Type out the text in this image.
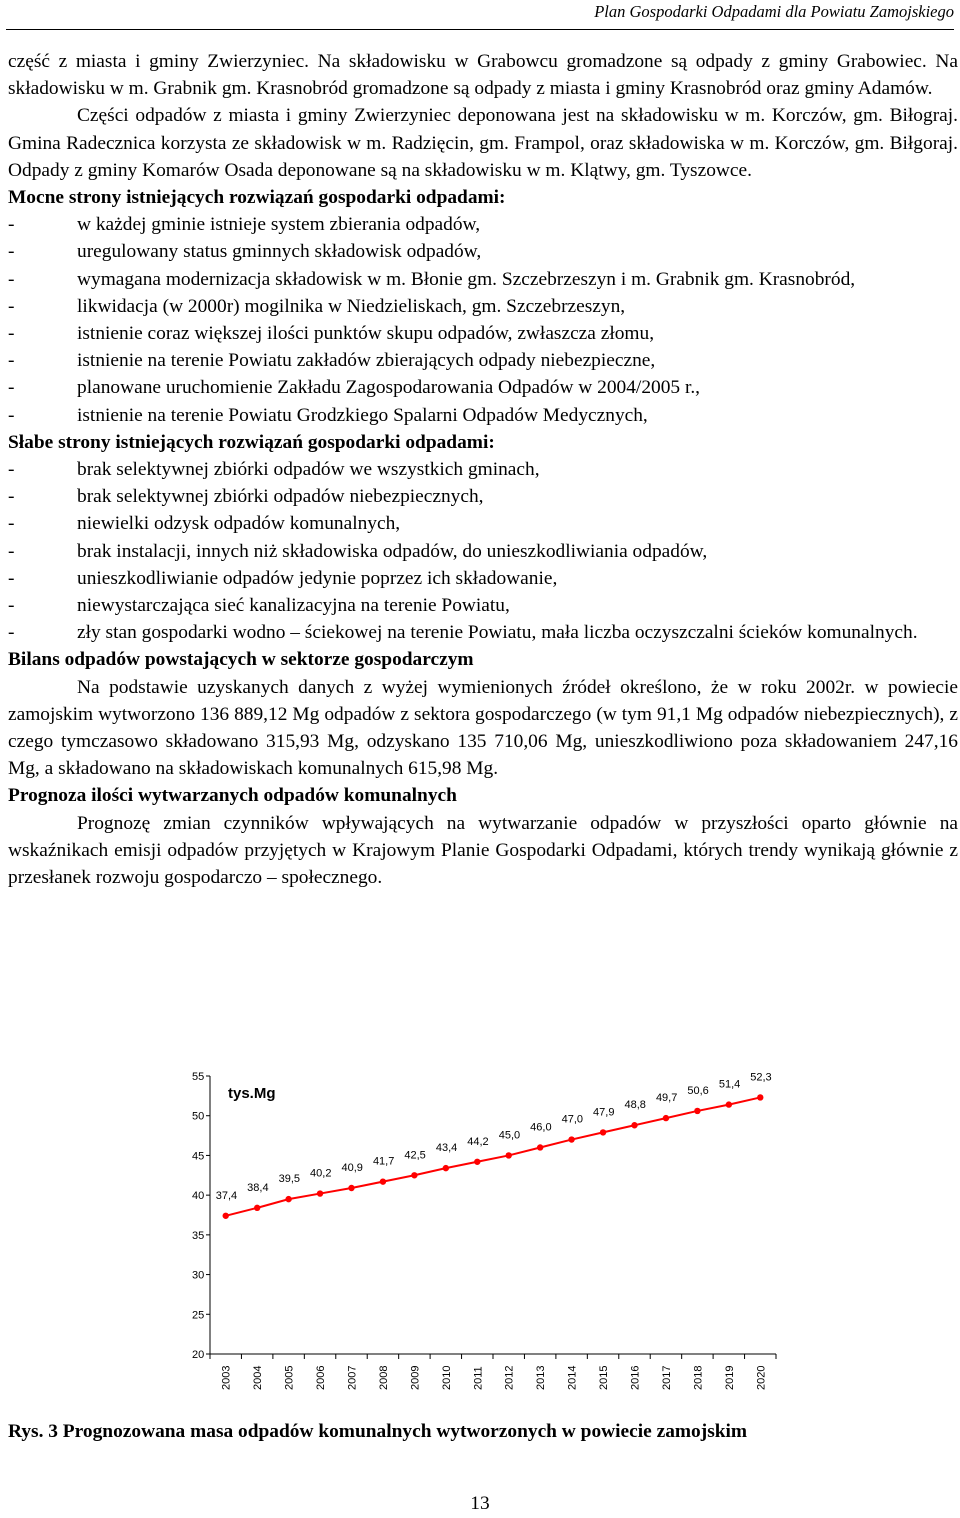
Plan Gospodarki Odpadami dla Powiatu Zamojskiego

część z miasta i gminy Zwierzyniec. Na składowisku w Grabowcu gromadzone są odpady z gminy Grabowiec. Na składowisku w m. Grabnik gm. Krasnobród gromadzone są odpady z miasta i gminy Krasnobród oraz gminy Adamów.

Części odpadów z miasta i gminy Zwierzyniec deponowana jest na składowisku w m. Korczów, gm. Biłograj. Gmina Radecznica korzysta ze składowisk w m. Radzięcin, gm. Frampol, oraz składowiska w m. Korczów, gm. Biłgoraj. Odpady z gminy Komarów Osada deponowane są na składowisku w m. Klątwy, gm. Tyszowce.

Mocne strony istniejących rozwiązań gospodarki odpadami:

- w każdej gminie istnieje system zbierania odpadów,
- uregulowany status gminnych składowisk odpadów,
- wymagana modernizacja składowisk w m. Błonie gm. Szczebrzeszyn i m. Grabnik gm. Krasnobród,
- likwidacja (w 2000r) mogilnika w Niedzieliskach, gm. Szczebrzeszyn,
- istnienie coraz większej ilości punktów skupu odpadów, zwłaszcza złomu,
- istnienie na terenie Powiatu zakładów zbierających odpady niebezpieczne,
- planowane uruchomienie Zakładu Zagospodarowania Odpadów w 2004/2005 r.,
- istnienie na terenie Powiatu Grodzkiego Spalarni Odpadów Medycznych,

Słabe strony istniejących rozwiązań gospodarki odpadami:

- brak selektywnej zbiórki odpadów we wszystkich gminach,
- brak selektywnej zbiórki odpadów niebezpiecznych,
- niewielki odzysk odpadów komunalnych,
- brak instalacji, innych niż składowiska odpadów, do unieszkodliwiania odpadów,
- unieszkodliwianie odpadów jedynie poprzez ich składowanie,
- niewystarczająca sieć kanalizacyjna na terenie Powiatu,
- zły stan gospodarki wodno – ściekowej na terenie Powiatu, mała liczba oczyszczalni ścieków komunalnych.

Bilans odpadów powstających w sektorze gospodarczym

Na podstawie uzyskanych danych z wyżej wymienionych źródeł określono, że w roku 2002r. w powiecie zamojskim wytworzono 136 889,12 Mg odpadów z sektora gospodarczego (w tym 91,1 Mg odpadów niebezpiecznych), z czego tymczasowo składowano 315,93 Mg, odzyskano 135 710,06 Mg, unieszkodliwiono poza składowaniem 247,16 Mg, a składowano na składowiskach komunalnych 615,98 Mg.

Prognoza ilości wytwarzanych odpadów komunalnych

Prognozę zmian czynników wpływających na wytwarzanie odpadów w przyszłości oparto głównie na wskaźnikach emisji odpadów przyjętych w Krajowym Planie Gospodarki Odpadami, których trendy wynikają głównie z przesłanek rozwoju gospodarczo – społecznego.

20
25
30
35
40
45
50
55
2003 2004 2005 2006 2007 2008 2009 2010 2011 2012 2013 2014 2015 2016 2017 2018 2019 2020
tys.Mg
37,4
38,4
39,5 40,2 40,9
41,7
42,5
43,4
44,2
45,0
46,0
47,0
47,9
48,8
49,7
50,6
51,4
52,3
Rys. 3 Prognozowana masa odpadów komunalnych wytworzonych w powiecie zamojskim
13
